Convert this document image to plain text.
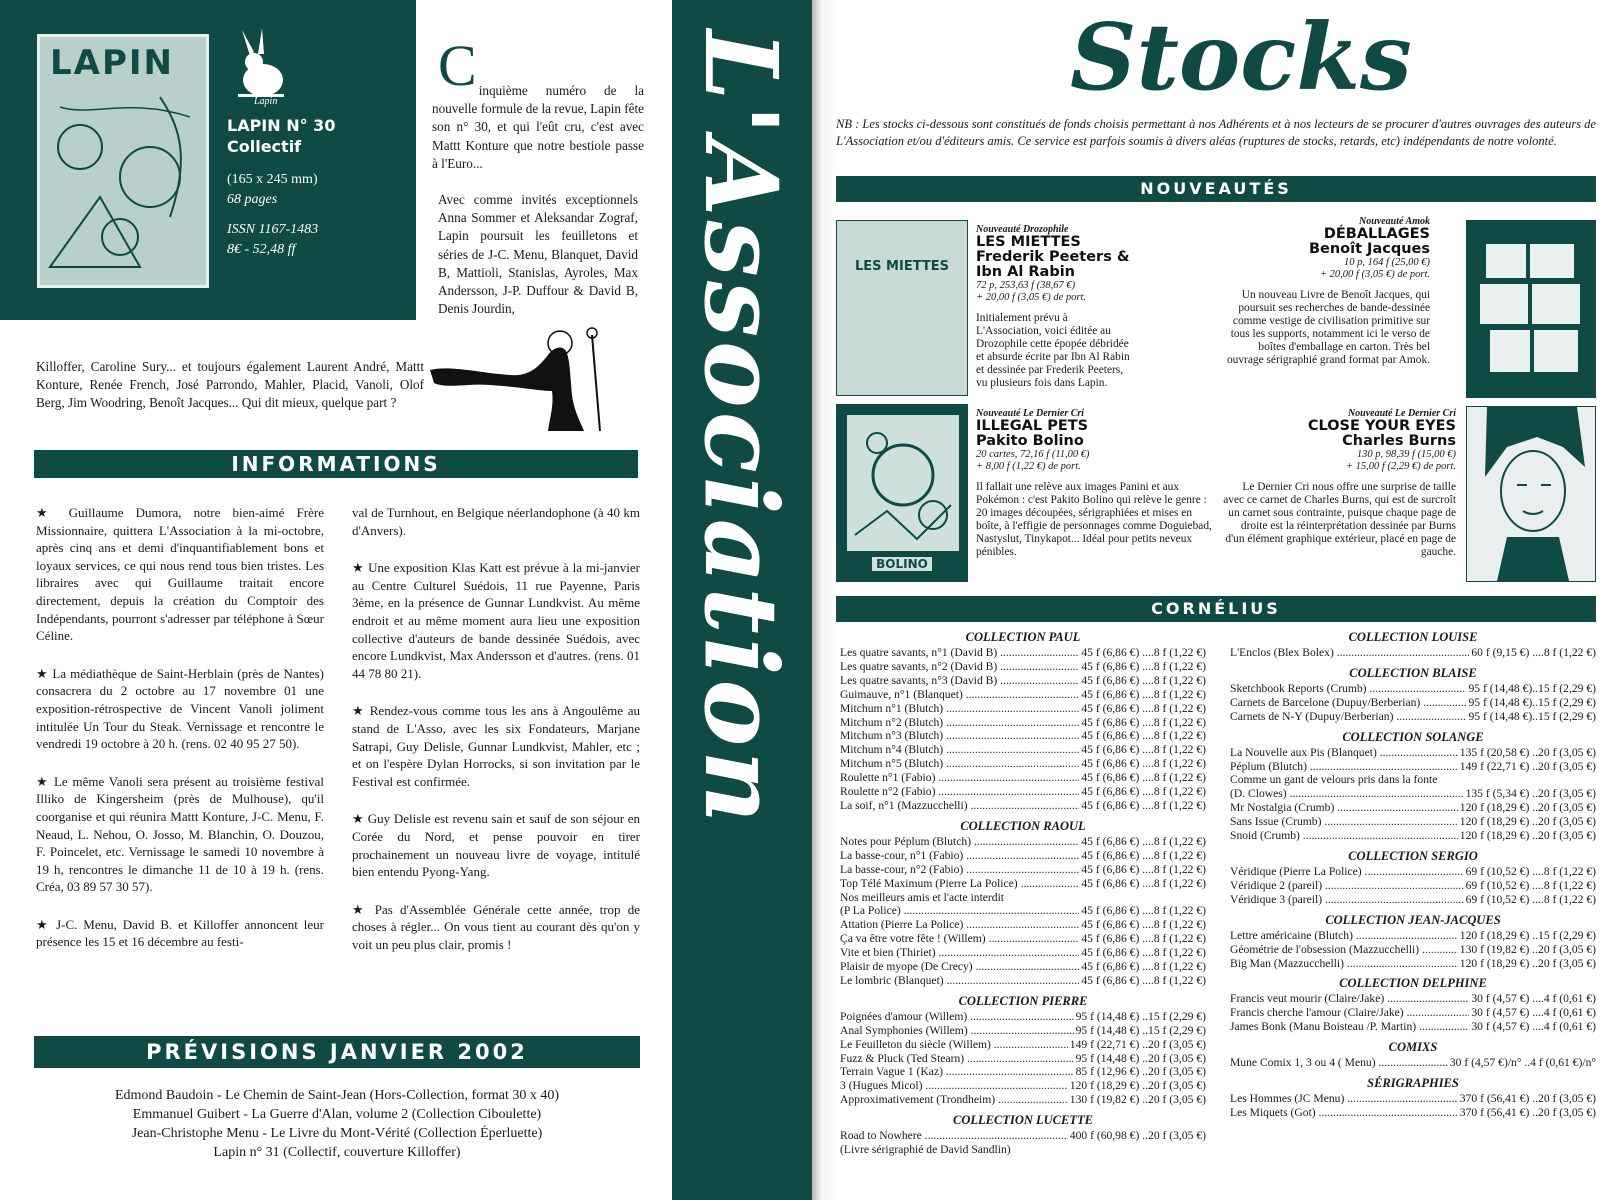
LAPIN
Lapin
LAPIN N° 30
Collectif
(165 x 245 mm)
68 pages
ISSN 1167-1483
8€ - 52,48 ff
C inquième numéro de la nouvelle formule de la revue, Lapin fête son n° 30, et qui l'eût cru, c'est avec Mattt Konture que notre bestiole passe à l'Euro...

Avec comme invités exceptionnels Anna Sommer et Aleksandar Zograf, Lapin poursuit les feuilletons et séries de J-C. Menu, Blanquet, David B, Mattioli, Stanislas, Ayroles, Max Andersson, J-P. Duffour & David B, Denis Jourdin,

Killoffer, Caroline Sury... et toujours également Laurent André, Mattt Konture, Renée French, José Parrondo, Mahler, Placid, Vanoli, Olof Berg, Jim Woodring, Benoît Jacques... Qui dit mieux, quelque part ?
INFORMATIONS

★ Guillaume Dumora, notre bien-aimé Frère Missionnaire, quittera L'Association à la mi-octobre, après cinq ans et demi d'inquantifiablement bons et loyaux services, ce qui nous rend tous bien tristes. Les libraires avec qui Guillaume traitait encore directement, depuis la création du Comptoir des Indépendants, pourront s'adresser par téléphone à Sœur Céline.

★ La médiathèque de Saint-Herblain (près de Nantes) consacrera du 2 octobre au 17 novembre 01 une exposition-rétrospective de Vincent Vanoli joliment intitulée Un Tour du Steak. Vernissage et rencontre le vendredi 19 octobre à 20 h. (rens. 02 40 95 27 50).

★ Le même Vanoli sera présent au troisième festival Illiko de Kingersheim (près de Mulhouse), qu'il coorganise et qui réunira Mattt Konture, J-C. Menu, F. Neaud, L. Nehou, O. Josso, M. Blanchin, O. Douzou, F. Poincelet, etc. Vernissage le samedi 10 novembre à 19 h, rencontres le dimanche 11 de 10 à 19 h. (rens. Créa, 03 89 57 30 57).

★ J-C. Menu, David B. et Killoffer annoncent leur présence les 15 et 16 décembre au festi-

val de Turnhout, en Belgique néerlandophone (à 40 km d'Anvers).

★ Une exposition Klas Katt est prévue à la mi-janvier au Centre Culturel Suédois, 11 rue Payenne, Paris 3ème, en la présence de Gunnar Lundkvist. Au même endroit et au même moment aura lieu une exposition collective d'auteurs de bande dessinée Suédois, avec encore Lundkvist, Max Andersson et d'autres. (rens. 01 44 78 80 21).

★ Rendez-vous comme tous les ans à Angoulême au stand de L'Asso, avec les six Fondateurs, Marjane Satrapi, Guy Delisle, Gunnar Lundkvist, Mahler, etc ; et on l'espère Dylan Horrocks, si son invitation par le Festival est confirmée.

★ Guy Delisle est revenu sain et sauf de son séjour en Corée du Nord, et pense pouvoir en tirer prochainement un nouveau livre de voyage, intitulé bien entendu Pyong-Yang.

★ Pas d'Assemblée Générale cette année, trop de choses à régler... On vous tient au courant dès qu'on y voit un peu plus clair, promis !

PRÉVISIONS JANVIER 2002
Edmond Baudoin - Le Chemin de Saint-Jean (Hors-Collection, format 30 x 40)
Emmanuel Guibert - La Guerre d'Alan, volume 2 (Collection Ciboulette)
Jean-Christophe Menu - Le Livre du Mont-Vérité (Collection Éperluette)
Lapin n° 31 (Collectif, couverture Killoffer)
L'Association	Stocks
NB : Les stocks ci-dessous sont constitués de fonds choisis permettant à nos Adhérents et à nos lecteurs de se procurer d'autres ouvrages des auteurs de L'Association et/ou d'éditeurs amis. Ce service est parfois soumis à divers aléas (ruptures de stocks, retards, etc) indépendants de notre volonté.
NOUVEAUTÉS
LES MIETTES
Nouveauté Drozophile
LES MIETTES
Frederik Peeters & Ibn Al Rabin
72 p, 253,63 f (38,67 €)
+ 20,00 f (3,05 €) de port.
Initialement prévu à L'Association, voici éditée au Drozophile cette épopée débridée et absurde écrite par Ibn Al Rabin et dessinée par Frederik Peeters, vu plusieurs fois dans Lapin.
Nouveauté Amok
DÉBALLAGES
Benoît Jacques
10 p, 164 f (25,00 €)
+ 20,00 f (3,05 €) de port.
Un nouveau Livre de Benoît Jacques, qui poursuit ses recherches de bande-dessinée comme vestige de civilisation primitive sur tous les supports, notamment ici le verso de boîtes d'emballage en carton. Très bel ouvrage sérigraphié grand format par Amok.
BOLINO
Nouveauté Le Dernier Cri
ILLEGAL PETS
Pakito Bolino
20 cartes, 72,16 f (11,00 €)
+ 8,00 f (1,22 €) de port.
Il fallait une relève aux images Panini et aux Pokémon : c'est Pakito Bolino qui relève le genre : 20 images découpées, sérigraphiées et mises en boîte, à l'effigie de personnages comme Doguiebad, Nastyslut, Tinykapot... Idéal pour petits neveux pénibles.
Nouveauté Le Dernier Cri
CLOSE YOUR EYES
Charles Burns
130 p, 98,39 f (15,00 €)
+ 15,00 f (2,29 €) de port.
Le Dernier Cri nous offre une surprise de taille avec ce carnet de Charles Burns, qui est de surcroît un carnet sous contrainte, puisque chaque page de droite est la réinterprétation dessinée par Burns d'un élément graphique extérieur, placé en page de gauche.
CORNÉLIUS
COLLECTION PAUL
Les quatre savants, n°1 (David B) .....	45 f (6,86 €) ....8 f (1,22 €)
Les quatre savants, n°2 (David B) .....	45 f (6,86 €) ....8 f (1,22 €)
Les quatre savants, n°3 (David B) .....	45 f (6,86 €) ....8 f (1,22 €)
Guimauve, n°1 (Blanquet) .....	45 f (6,86 €) ....8 f (1,22 €)
Mitchum n°1 (Blutch) .....	45 f (6,86 €) ....8 f (1,22 €)
Mitchum n°2 (Blutch) .....	45 f (6,86 €) ....8 f (1,22 €)
Mitchum n°3 (Blutch) .....	45 f (6,86 €) ....8 f (1,22 €)
Mitchum n°4 (Blutch) .....	45 f (6,86 €) ....8 f (1,22 €)
Mitchum n°5 (Blutch) .....	45 f (6,86 €) ....8 f (1,22 €)
Roulette n°1 (Fabio) .....	45 f (6,86 €) ....8 f (1,22 €)
Roulette n°2 (Fabio) .....	45 f (6,86 €) ....8 f (1,22 €)
La soif, n°1 (Mazzucchelli) .....	45 f (6,86 €) ....8 f (1,22 €)
COLLECTION RAOUL
Notes pour Péplum (Blutch) .....	45 f (6,86 €) ....8 f (1,22 €)
La basse-cour, n°1 (Fabio) .....	45 f (6,86 €) ....8 f (1,22 €)
La basse-cour, n°2 (Fabio) .....	45 f (6,86 €) ....8 f (1,22 €)
Top Télé Maximum (Pierre La Police) .....	45 f (6,86 €) ....8 f (1,22 €)
Nos meilleurs amis et l'acte interdit
(P La Police) .....	45 f (6,86 €) ....8 f (1,22 €)
Attation (Pierre La Police) .....	45 f (6,86 €) ....8 f (1,22 €)
Ça va être votre fête ! (Willem) .....	45 f (6,86 €) ....8 f (1,22 €)
Vite et bien (Thiriet) .....	45 f (6,86 €) ....8 f (1,22 €)
Plaisir de myope (De Crecy) .....	45 f (6,86 €) ....8 f (1,22 €)
Le lombric (Blanquet) .....	45 f (6,86 €) ....8 f (1,22 €)
COLLECTION PIERRE
Poignées d'amour (Willem) .....	95 f (14,48 €) ..15 f (2,29 €)
Anal Symphonies (Willem) .....	95 f (14,48 €) ..15 f (2,29 €)
Le Feuilleton du siècle (Willem) .....	149 f (22,71 €) ..20 f (3,05 €)
Fuzz & Pluck (Ted Stearn) .....	95 f (14,48 €) ..20 f (3,05 €)
Terrain Vague 1 (Kaz) .....	85 f (12,96 €) ..20 f (3,05 €)
3 (Hugues Micol) .....	120 f (18,29 €) ..20 f (3,05 €)
Approximativement (Trondheim) .....	130 f (19,82 €) ..20 f (3,05 €)
COLLECTION LUCETTE
Road to Nowhere .....	400 f (60,98 €) ..20 f (3,05 €)
(Livre sérigraphié de David Sandlin)
COLLECTION LOUISE
L'Enclos (Blex Bolex) .....	60 f (9,15 €) ....8 f (1,22 €)
COLLECTION BLAISE
Sketchbook Reports (Crumb) .....	95 f (14,48 €)..15 f (2,29 €)
Carnets de Barcelone (Dupuy/Berberian) .....	95 f (14,48 €)..15 f (2,29 €)
Carnets de N-Y (Dupuy/Berberian) .....	95 f (14,48 €)..15 f (2,29 €)
COLLECTION SOLANGE
La Nouvelle aux Pis (Blanquet) .....	135 f (20,58 €) ..20 f (3,05 €)
Péplum (Blutch) .....	149 f (22,71 €) ..20 f (3,05 €)
Comme un gant de velours pris dans la fonte
(D. Clowes) .....	135 f (5,34 €) ..20 f (3,05 €)
Mr Nostalgia (Crumb) .....	120 f (18,29 €) ..20 f (3,05 €)
Sans Issue (Crumb) .....	120 f (18,29 €) ..20 f (3,05 €)
Snoid (Crumb) .....	120 f (18,29 €) ..20 f (3,05 €)
COLLECTION SERGIO
Véridique (Pierre La Police) .....	69 f (10,52 €) ....8 f (1,22 €)
Véridique 2 (pareil) .....	69 f (10,52 €) ....8 f (1,22 €)
Véridique 3 (pareil) .....	69 f (10,52 €) ....8 f (1,22 €)
COLLECTION JEAN-JACQUES
Lettre américaine (Blutch) .....	120 f (18,29 €) ..15 f (2,29 €)
Géométrie de l'obsession (Mazzucchelli) .....	130 f (19,82 €) ..20 f (3,05 €)
Big Man (Mazzucchelli) .....	120 f (18,29 €) ..20 f (3,05 €)
COLLECTION DELPHINE
Francis veut mourir (Claire/Jake) .....	30 f (4,57 €) ....4 f (0,61 €)
Francis cherche l'amour (Claire/Jake) .....	30 f (4,57 €) ....4 f (0,61 €)
James Bonk (Manu Boisteau /P. Martin) .....	30 f (4,57 €) ....4 f (0,61 €)
COMIXS
Mune Comix 1, 3 ou 4 ( Menu) .....	30 f (4,57 €)/n° ..4 f (0,61 €)/n°
SÉRIGRAPHIES
Les Hommes (JC Menu) .....	370 f (56,41 €) ..20 f (3,05 €)
Les Miquets (Got) .....	370 f (56,41 €) ..20 f (3,05 €)
